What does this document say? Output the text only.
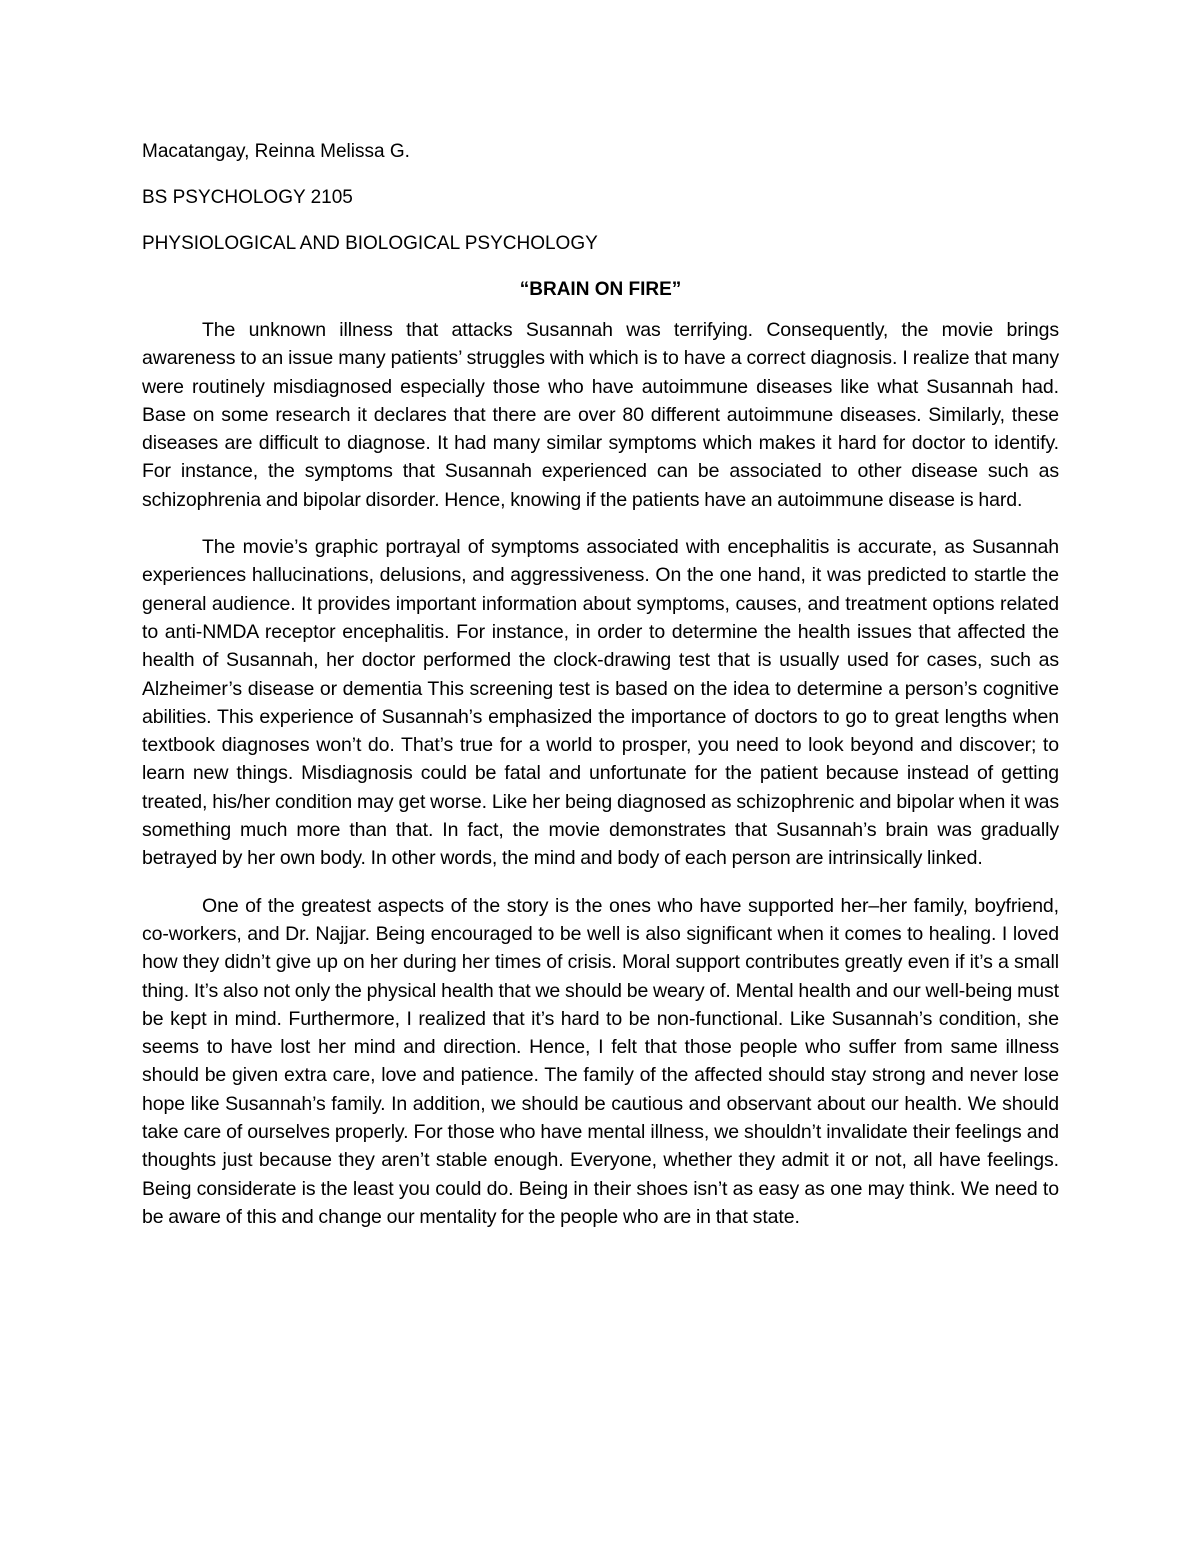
Macatangay, Reinna Melissa G.
BS PSYCHOLOGY 2105
PHYSIOLOGICAL AND BIOLOGICAL PSYCHOLOGY
“BRAIN ON FIRE”

The unknown illness that attacks Susannah was terrifying. Consequently, the movie brings awareness to an issue many patients’ struggles with which is to have a correct diagnosis. I realize that many were routinely misdiagnosed especially those who have autoimmune diseases like what Susannah had. Base on some research it declares that there are over 80 different autoimmune diseases. Similarly, these diseases are difficult to diagnose. It had many similar symptoms which makes it hard for doctor to identify. For instance, the symptoms that Susannah experienced can be associated to other disease such as schizophrenia and bipolar disorder. Hence, knowing if the patients have an autoimmune disease is hard.

The movie’s graphic portrayal of symptoms associated with encephalitis is accurate, as Susannah experiences hallucinations, delusions, and aggressiveness. On the one hand, it was predicted to startle the general audience. It provides important information about symptoms, causes, and treatment options related to anti-NMDA receptor encephalitis. For instance, in order to determine the health issues that affected the health of Susannah, her doctor performed the clock-drawing test that is usually used for cases, such as Alzheimer’s disease or dementia This screening test is based on the idea to determine a person’s cognitive abilities. This experience of Susannah’s emphasized the importance of doctors to go to great lengths when textbook diagnoses won’t do. That’s true for a world to prosper, you need to look beyond and discover; to learn new things. Misdiagnosis could be fatal and unfortunate for the patient because instead of getting treated, his/her condition may get worse. Like her being diagnosed as schizophrenic and bipolar when it was something much more than that. In fact, the movie demonstrates that Susannah’s brain was gradually betrayed by her own body. In other words, the mind and body of each person are intrinsically linked.

One of the greatest aspects of the story is the ones who have supported her–her family, boyfriend, co-workers, and Dr. Najjar. Being encouraged to be well is also significant when it comes to healing. I loved how they didn’t give up on her during her times of crisis. Moral support contributes greatly even if it’s a small thing. It’s also not only the physical health that we should be weary of. Mental health and our well-being must be kept in mind. Furthermore, I realized that it’s hard to be non-functional. Like Susannah’s condition, she seems to have lost her mind and direction. Hence, I felt that those people who suffer from same illness should be given extra care, love and patience. The family of the affected should stay strong and never lose hope like Susannah’s family. In addition, we should be cautious and observant about our health. We should take care of ourselves properly. For those who have mental illness, we shouldn’t invalidate their feelings and thoughts just because they aren’t stable enough. Everyone, whether they admit it or not, all have feelings. Being considerate is the least you could do. Being in their shoes isn’t as easy as one may think. We need to be aware of this and change our mentality for the people who are in that state.
